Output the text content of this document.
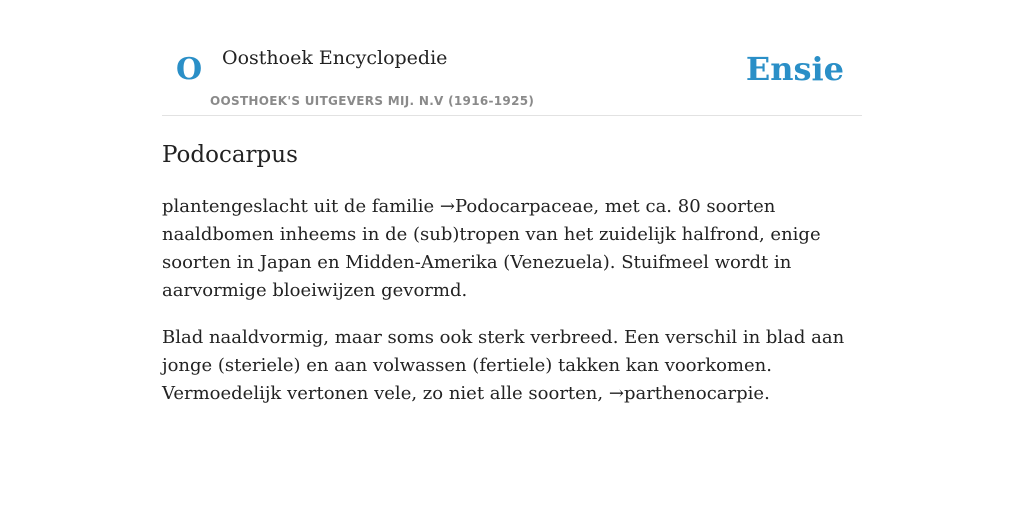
O Oosthoek Encyclopedie
OOSTHOEK'S UITGEVERS MIJ. N.V (1916-1925)
Ensie
Podocarpus

plantengeslacht uit de familie →Podocarpaceae, met ca. 80 soorten naaldbomen inheems in de (sub)tropen van het zuidelijk halfrond, enige soorten in Japan en Midden-Amerika (Venezuela). Stuifmeel wordt in aarvormige bloeiwijzen gevormd.

Blad naaldvormig, maar soms ook sterk verbreed. Een verschil in blad aan jonge (steriele) en aan volwassen (fertiele) takken kan voorkomen. Vermoedelijk vertonen vele, zo niet alle soorten, →parthenocarpie.
